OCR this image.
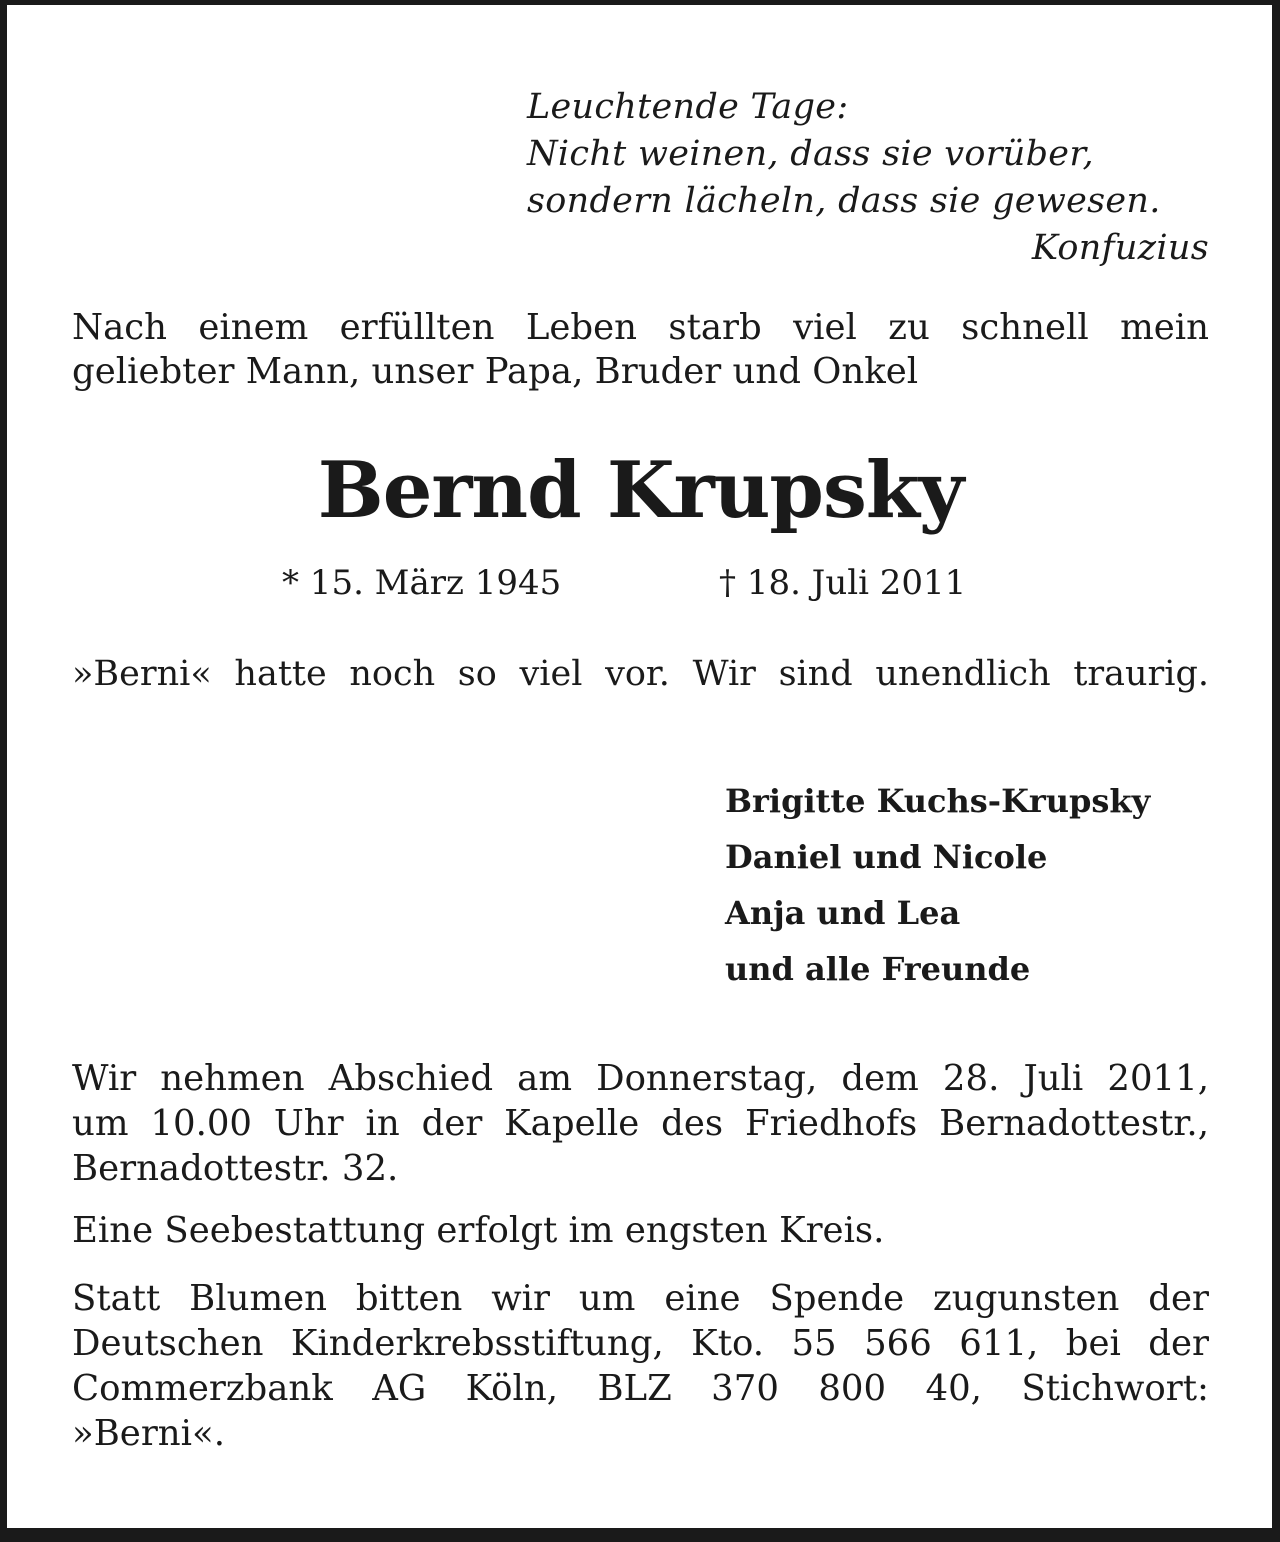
Leuchtende Tage:
Nicht weinen, dass sie vorüber,
sondern lächeln, dass sie gewesen.
Konfuzius
Nach einem erfüllten Leben starb viel zu schnell mein
geliebter Mann, unser Papa, Bruder und Onkel
Bernd Krupsky
* 15. März 1945	† 18. Juli 2011
»Berni« hatte noch so viel vor. Wir sind unendlich traurig.
Brigitte Kuchs-Krupsky
Daniel und Nicole
Anja und Lea
und alle Freunde
Wir nehmen Abschied am Donnerstag, dem 28. Juli 2011,
um 10.00 Uhr in der Kapelle des Friedhofs Bernadottestr.,
Bernadottestr. 32.
Eine Seebestattung erfolgt im engsten Kreis.
Statt Blumen bitten wir um eine Spende zugunsten der
Deutschen Kinderkrebsstiftung, Kto. 55 566 611, bei der
Commerzbank AG Köln, BLZ 370 800 40, Stichwort:
»Berni«.
